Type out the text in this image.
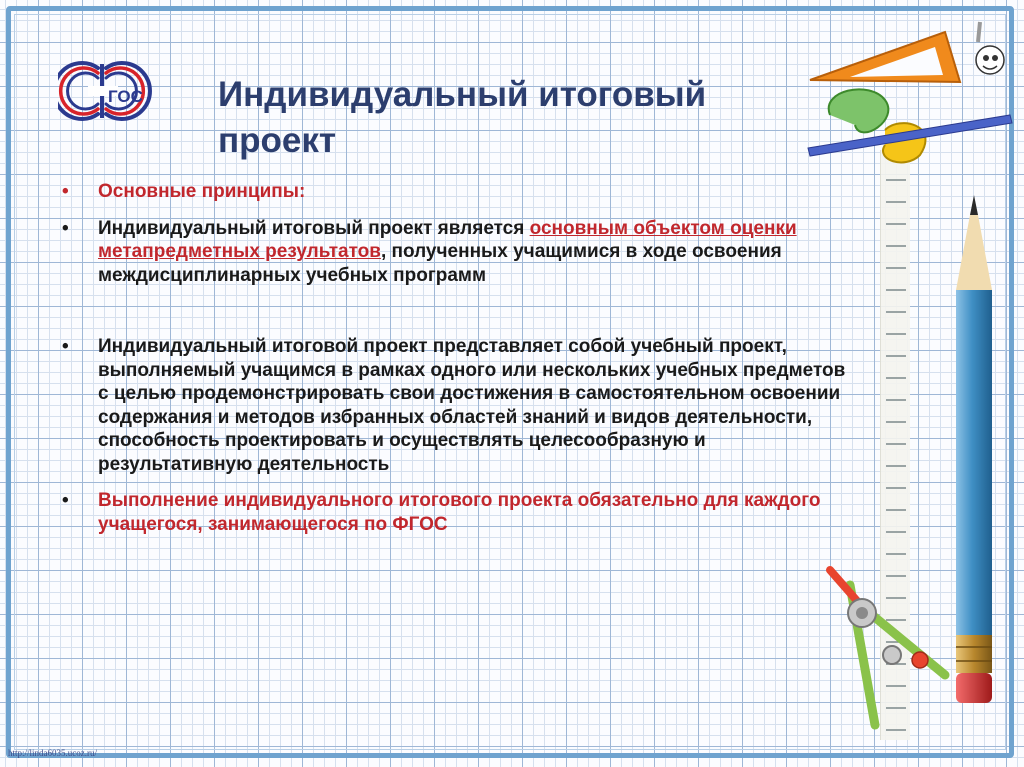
ГОС Индивидуальный итоговый
проект
• Основные принципы:
• Индивидуальный итоговый проект является основным объектом оценки метапредметных результатов, полученных учащимися в ходе освоения междисциплинарных учебных программ
• Индивидуальный итоговой проект представляет собой учебный проект, выполняемый учащимся в рамках одного или нескольких учебных предметов с целью продемонстрировать свои достижения в самостоятельном освоении содержания и методов избранных областей знаний и видов деятельности, способность проектировать и осуществлять целесообразную и результативную деятельность
• Выполнение индивидуального итогового проекта обязательно для каждого учащегося, занимающегося по ФГОС
http://linda6035.ucoz.ru/
